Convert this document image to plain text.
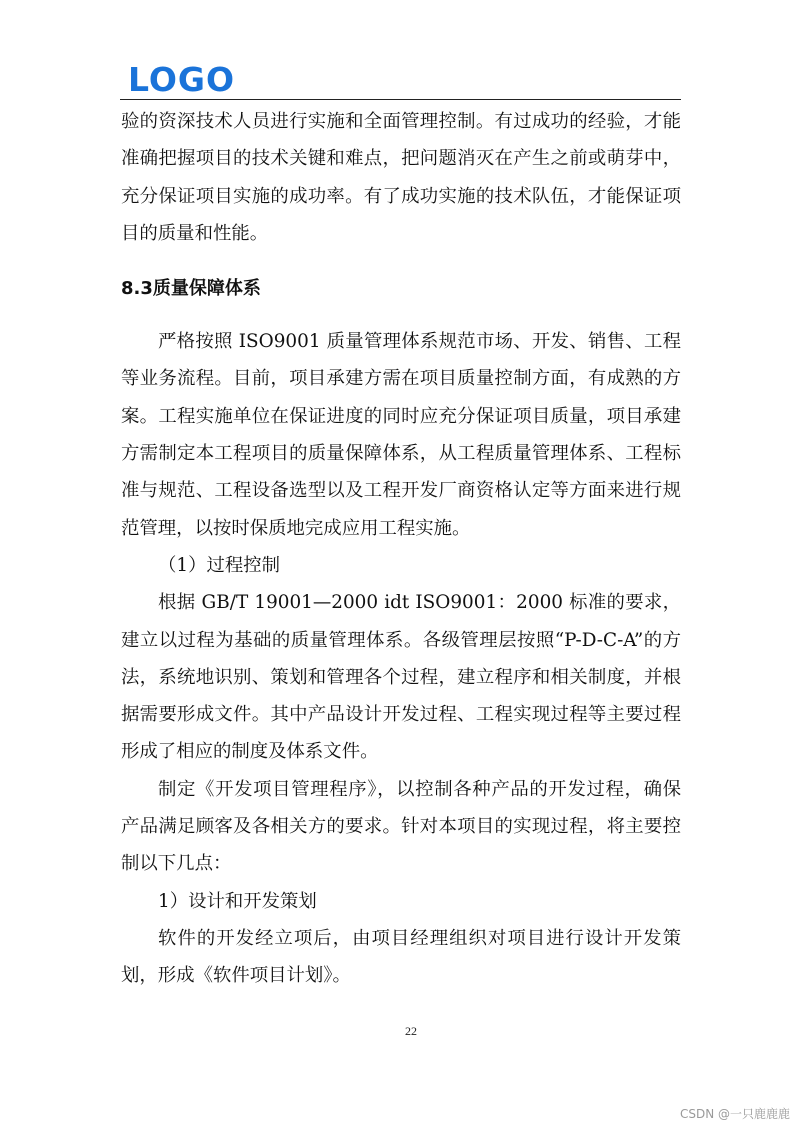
LOGO

验的资深技术人员进行实施和全面管理控制。有过成功的经验，才能准确把握项目的技术关键和难点，把问题消灭在产生之前或萌芽中，充分保证项目实施的成功率。有了成功实施的技术队伍，才能保证项目的质量和性能。

8.3质量保障体系

严格按照 ISO9001 质量管理体系规范市场、开发、销售、工程等业务流程。目前，项目承建方需在项目质量控制方面，有成熟的方案。工程实施单位在保证进度的同时应充分保证项目质量，项目承建方需制定本工程项目的质量保障体系，从工程质量管理体系、工程标准与规范、工程设备选型以及工程开发厂商资格认定等方面来进行规范管理，以按时保质地完成应用工程实施。

（1）过程控制

根据 GB/T 19001—2000 idt ISO9001：2000 标准的要求，建立以过程为基础的质量管理体系。各级管理层按照“P-D-C-A”的方法，系统地识别、策划和管理各个过程，建立程序和相关制度，并根据需要形成文件。其中产品设计开发过程、工程实现过程等主要过程形成了相应的制度及体系文件。

制定《开发项目管理程序》，以控制各种产品的开发过程，确保产品满足顾客及各相关方的要求。针对本项目的实现过程，将主要控制以下几点：

1）设计和开发策划

软件的开发经立项后，由项目经理组织对项目进行设计开发策划，形成《软件项目计划》。

22
CSDN @一只鹿鹿鹿
